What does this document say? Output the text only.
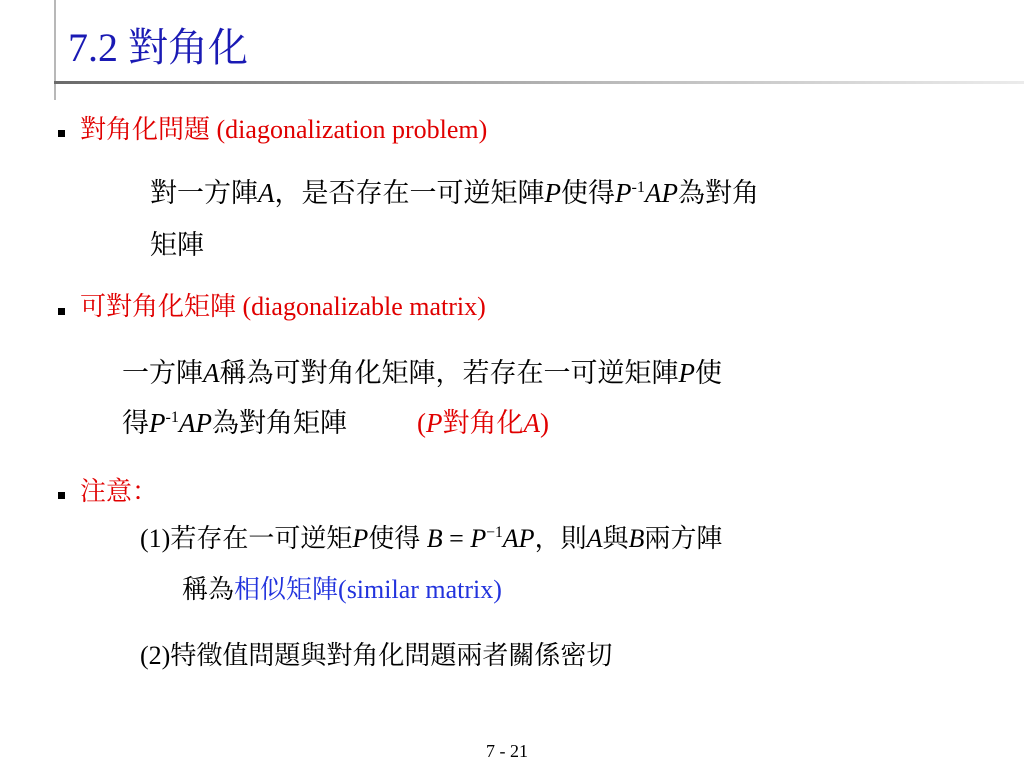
7.2 對角化
對角化問題 (diagonalization problem)
對一方陣A，是否存在一可逆矩陣P使得$P^{-1}AP$為對角
矩陣
可對角化矩陣 (diagonalizable matrix)
一方陣A稱為可對角化矩陣，若存在一可逆矩陣P使
得$P^{-1}AP$為對角矩陣	(P對角化A)
注意：
(1)若存在一可逆矩P使得 $B = P^{-1}AP$，則A與B兩方陣
稱為相似矩陣(similar matrix)
(2)特徵值問題與對角化問題兩者關係密切
7 - 21
